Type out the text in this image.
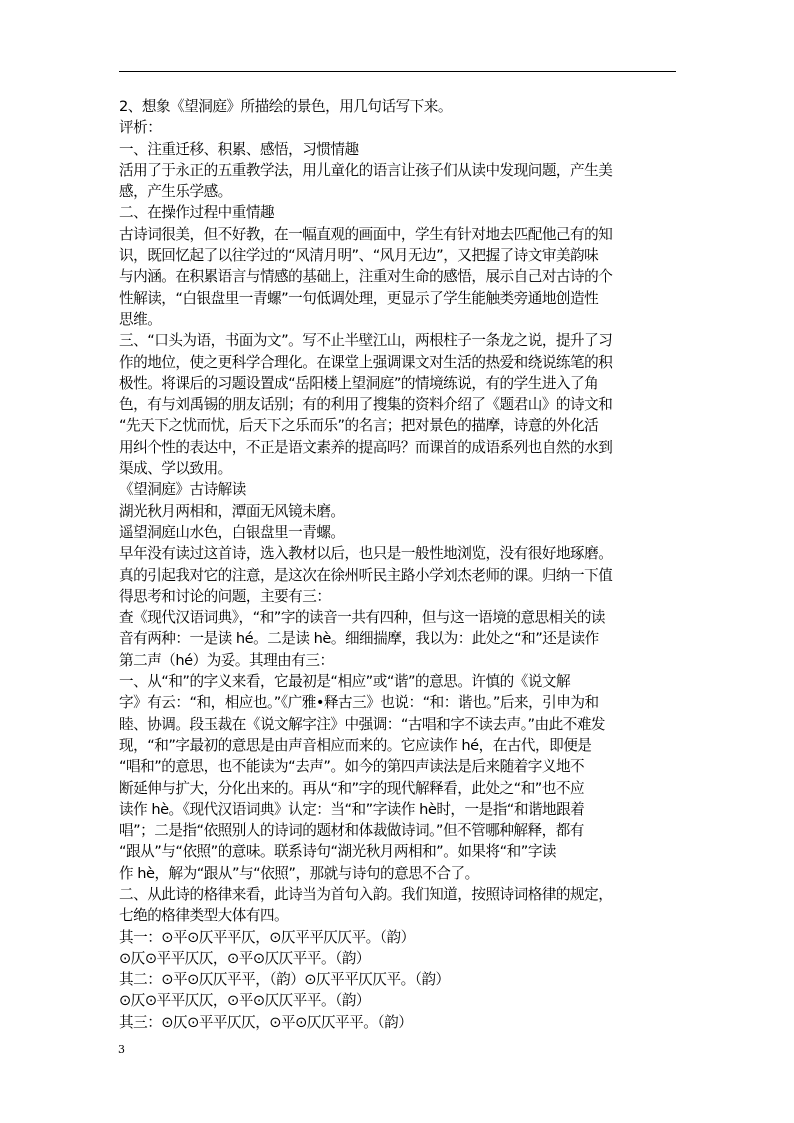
2、想象《望洞庭》所描绘的景色，用几句话写下来。
评析：
一、注重迁移、积累、感悟，习惯情趣
活用了于永正的五重教学法，用儿童化的语言让孩子们从读中发现问题，产生美
感，产生乐学感。
二、在操作过程中重情趣
古诗词很美，但不好教，在一幅直观的画面中，学生有针对地去匹配他己有的知
识，既回忆起了以往学过的“风清月明”、“风月无边”，又把握了诗文审美韵味
与内涵。在积累语言与情感的基础上，注重对生命的感悟，展示自己对古诗的个
性解读，“白银盘里一青螺”一句低调处理，更显示了学生能触类旁通地创造性
思维。
三、“口头为语，书面为文”。写不止半壁江山，两根柱子一条龙之说，提升了习
作的地位，使之更科学合理化。在课堂上强调课文对生活的热爱和绕说练笔的积
极性。将课后的习题设置成“岳阳楼上望洞庭”的情境练说，有的学生进入了角
色，有与刘禹锡的朋友话别；有的利用了搜集的资料介绍了《题君山》的诗文和
“先天下之忧而忧，后天下之乐而乐”的名言；把对景色的描摩，诗意的外化活
用纠个性的表达中，不正是语文素养的提高吗？而课首的成语系列也自然的水到
渠成、学以致用。
《望洞庭》古诗解读
湖光秋月两相和，潭面无风镜未磨。
遥望洞庭山水色，白银盘里一青螺。
早年没有读过这首诗，选入教材以后，也只是一般性地浏览，没有很好地琢磨。
真的引起我对它的注意，是这次在徐州听民主路小学刘杰老师的课。归纳一下值
得思考和讨论的问题，主要有三：
查《现代汉语词典》，“和”字的读音一共有四种，但与这一语境的意思相关的读
音有两种：一是读 hé。二是读 hè。细细揣摩，我以为：此处之“和”还是读作
第二声（hé）为妥。其理由有三：
一、从“和”的字义来看，它最初是“相应”或“谐”的意思。许慎的《说文解
字》有云：“和，相应也。”《广雅•释古三》也说：“和：谐也。”后来，引申为和
睦、协调。段玉裁在《说文解字注》中强调：“古唱和字不读去声。”由此不难发
现，“和”字最初的意思是由声音相应而来的。它应读作 hé，在古代，即便是
“唱和”的意思，也不能读为“去声”。如今的第四声读法是后来随着字义地不
断延伸与扩大，分化出来的。再从“和”字的现代解释看，此处之“和”也不应
读作 hè。《现代汉语词典》认定：当“和”字读作 hè时，一是指“和谐地跟着
唱”；二是指“依照别人的诗词的题材和体裁做诗词。”但不管哪种解释，都有
“跟从”与“依照”的意味。联系诗句“湖光秋月两相和”。如果将“和”字读
作 hè，解为“跟从”与“依照”，那就与诗句的意思不合了。
二、从此诗的格律来看，此诗当为首句入韵。我们知道，按照诗词格律的规定，
七绝的格律类型大体有四。
其一：⊙平⊙仄平平仄，⊙仄平平仄仄平。（韵）
⊙仄⊙平平仄仄，⊙平⊙仄仄平平。（韵）
其二：⊙平⊙仄仄平平，（韵）⊙仄平平仄仄平。（韵）
⊙仄⊙平平仄仄，⊙平⊙仄仄平平。（韵）
其三：⊙仄⊙平平仄仄，⊙平⊙仄仄平平。（韵）
3
